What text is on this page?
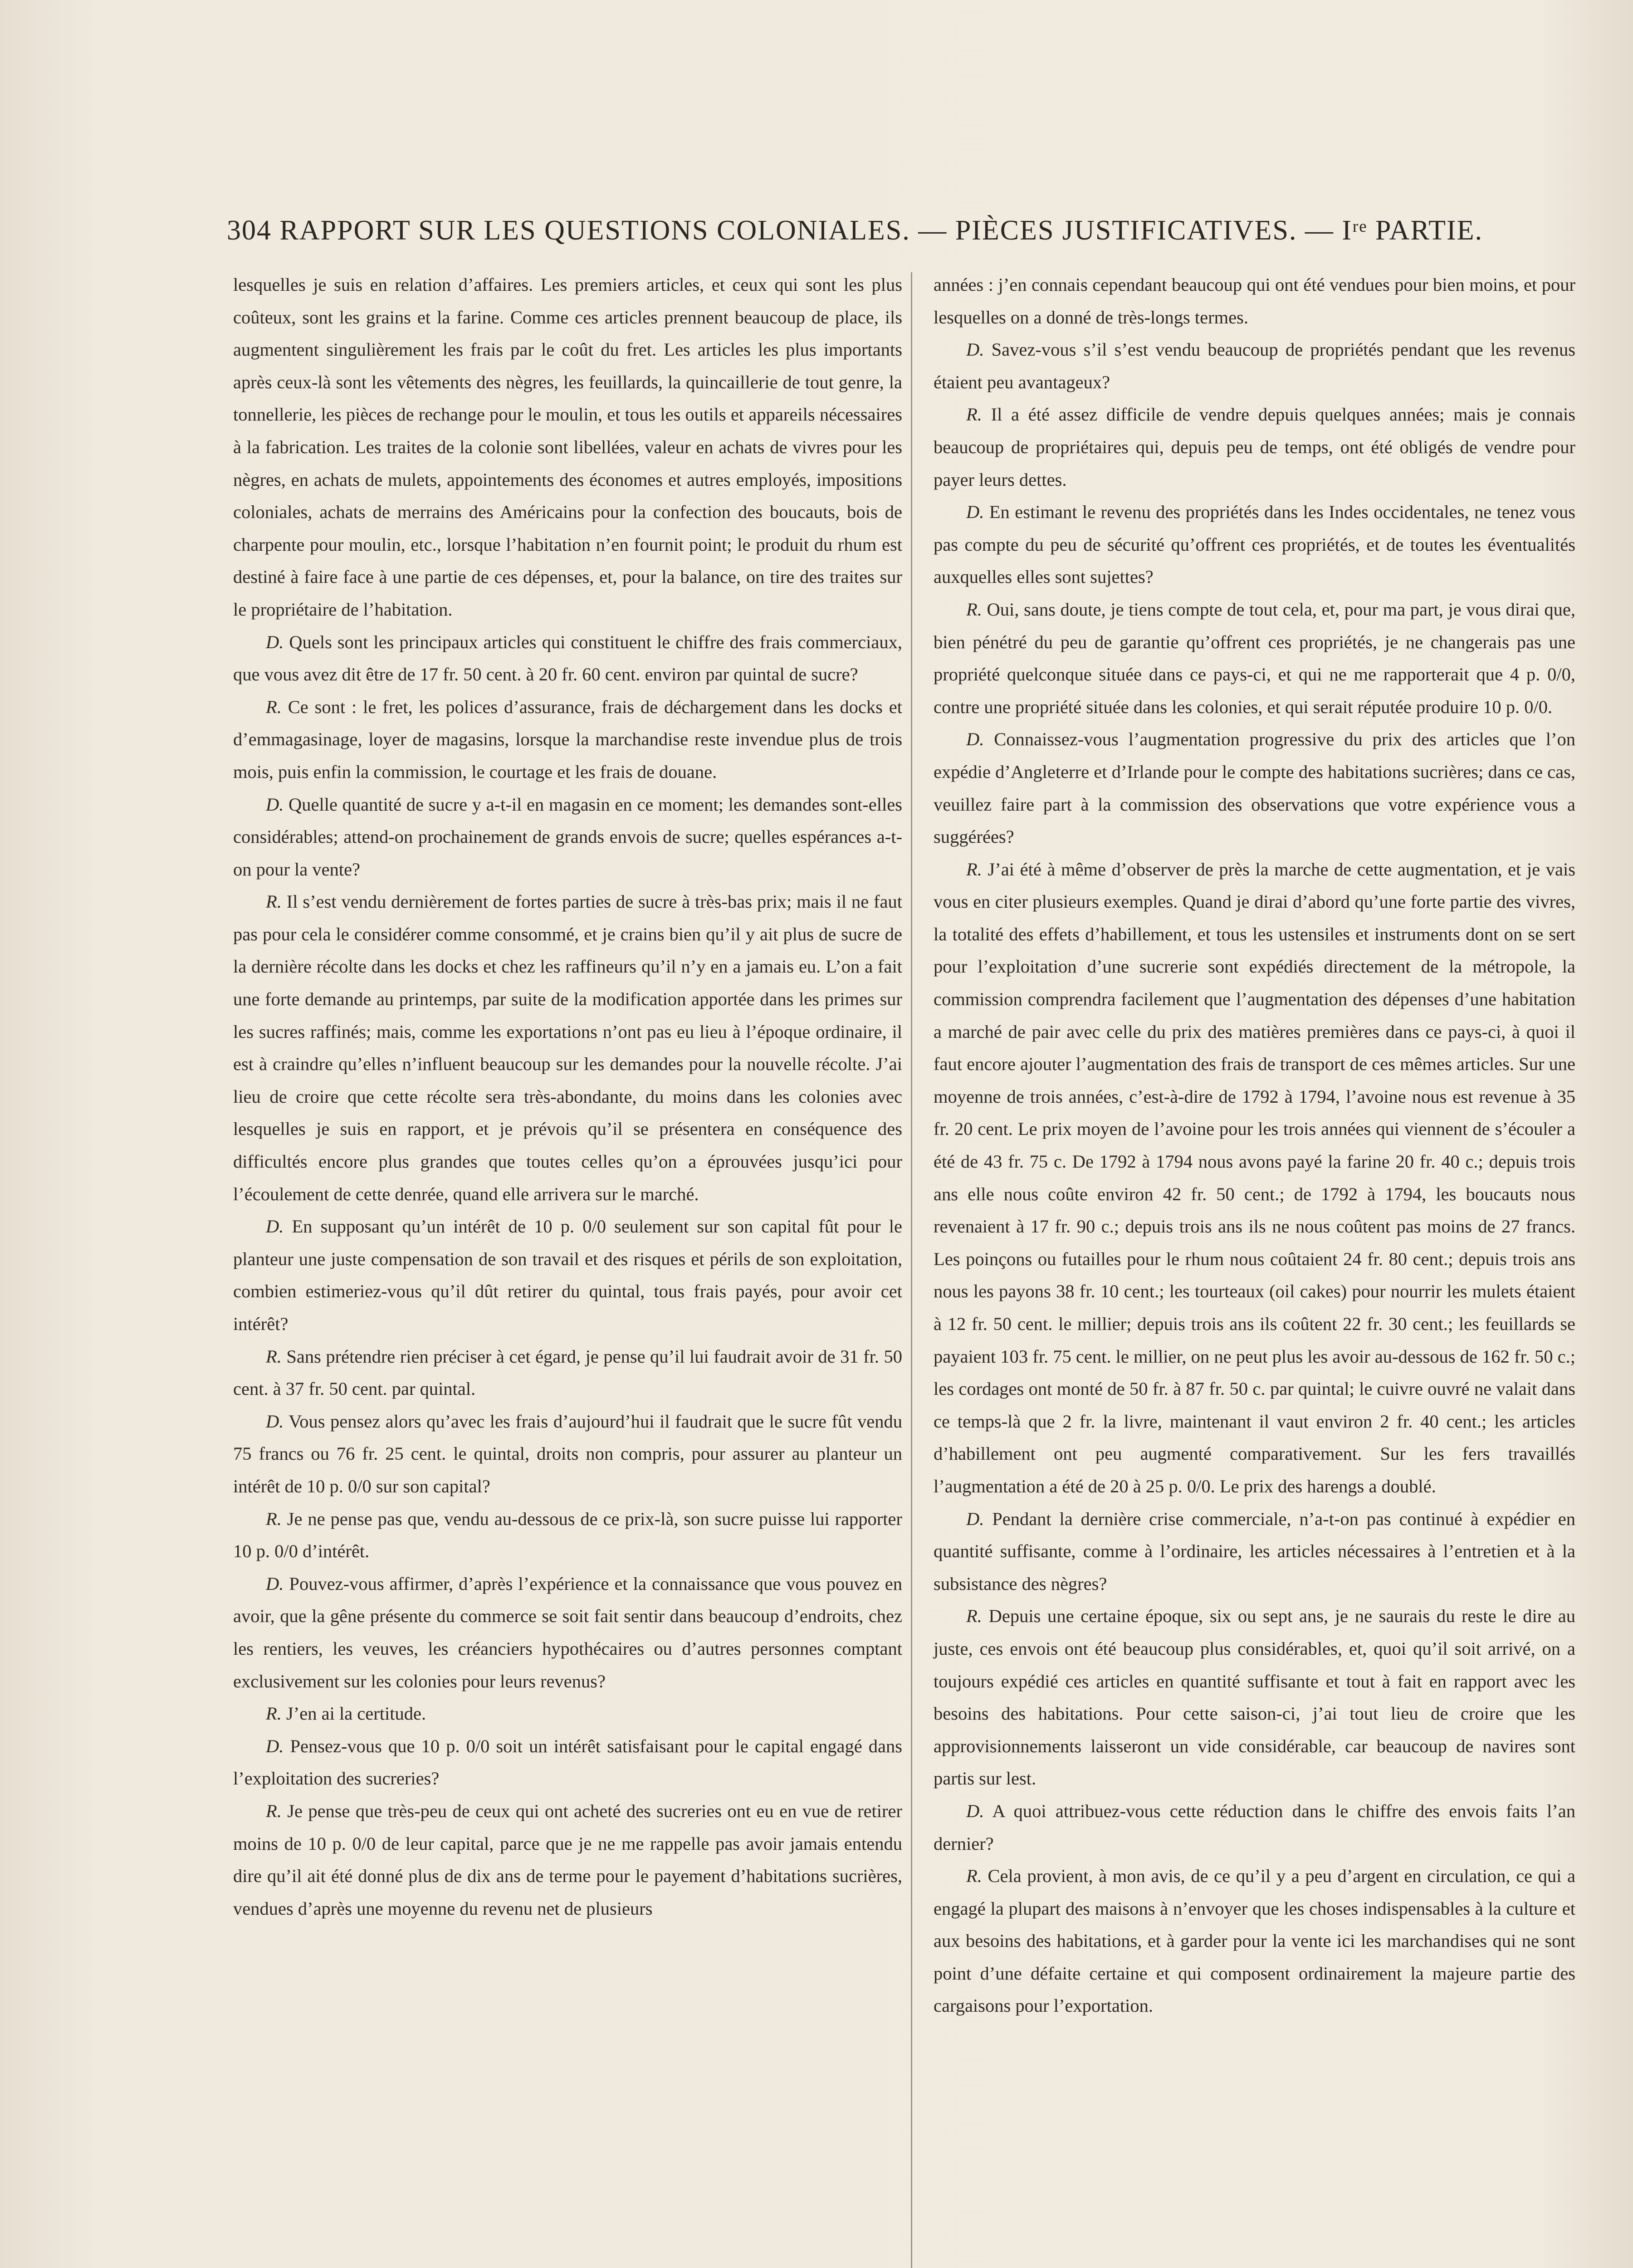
304 RAPPORT SUR LES QUESTIONS COLONIALES. — PIÈCES JUSTIFICATIVES. — Iʳᵉ PARTIE.

lesquelles je suis en relation d’affaires. Les premiers articles, et ceux qui sont les plus coûteux, sont les grains et la farine. Comme ces articles prennent beaucoup de place, ils augmentent singulièrement les frais par le coût du fret. Les articles les plus importants après ceux-là sont les vêtements des nègres, les feuillards, la quincaillerie de tout genre, la tonnellerie, les pièces de rechange pour le moulin, et tous les outils et appareils nécessaires à la fabrication. Les traites de la colonie sont libellées, valeur en achats de vivres pour les nègres, en achats de mulets, appointements des économes et autres employés, impositions coloniales, achats de merrains des Américains pour la confection des boucauts, bois de charpente pour moulin, etc., lorsque l’habitation n’en fournit point; le produit du rhum est destiné à faire face à une partie de ces dépenses, et, pour la balance, on tire des traites sur le propriétaire de l’habitation.

D. Quels sont les principaux articles qui constituent le chiffre des frais commerciaux, que vous avez dit être de 17 fr. 50 cent. à 20 fr. 60 cent. environ par quintal de sucre?

R. Ce sont : le fret, les polices d’assurance, frais de déchargement dans les docks et d’emmagasinage, loyer de magasins, lorsque la marchandise reste invendue plus de trois mois, puis enfin la commission, le courtage et les frais de douane.

D. Quelle quantité de sucre y a-t-il en magasin en ce moment; les demandes sont-elles considérables; attend-on prochainement de grands envois de sucre; quelles espérances a-t-on pour la vente?

R. Il s’est vendu dernièrement de fortes parties de sucre à très-bas prix; mais il ne faut pas pour cela le considérer comme consommé, et je crains bien qu’il y ait plus de sucre de la dernière récolte dans les docks et chez les raffineurs qu’il n’y en a jamais eu. L’on a fait une forte demande au printemps, par suite de la modification apportée dans les primes sur les sucres raffinés; mais, comme les exportations n’ont pas eu lieu à l’époque ordinaire, il est à craindre qu’elles n’influent beaucoup sur les demandes pour la nouvelle récolte. J’ai lieu de croire que cette récolte sera très-abondante, du moins dans les colonies avec lesquelles je suis en rapport, et je prévois qu’il se présentera en conséquence des difficultés encore plus grandes que toutes celles qu’on a éprouvées jusqu’ici pour l’écoulement de cette denrée, quand elle arrivera sur le marché.

D. En supposant qu’un intérêt de 10 p. 0/0 seulement sur son capital fût pour le planteur une juste compensation de son travail et des risques et périls de son exploitation, combien estimeriez-vous qu’il dût retirer du quintal, tous frais payés, pour avoir cet intérêt?

R. Sans prétendre rien préciser à cet égard, je pense qu’il lui faudrait avoir de 31 fr. 50 cent. à 37 fr. 50 cent. par quintal.

D. Vous pensez alors qu’avec les frais d’aujourd’hui il faudrait que le sucre fût vendu 75 francs ou 76 fr. 25 cent. le quintal, droits non compris, pour assurer au planteur un intérêt de 10 p. 0/0 sur son capital?

R. Je ne pense pas que, vendu au-dessous de ce prix-là, son sucre puisse lui rapporter 10 p. 0/0 d’intérêt.

D. Pouvez-vous affirmer, d’après l’expérience et la connaissance que vous pouvez en avoir, que la gêne présente du commerce se soit fait sentir dans beaucoup d’endroits, chez les rentiers, les veuves, les créanciers hypothécaires ou d’autres personnes comptant exclusivement sur les colonies pour leurs revenus?

R. J’en ai la certitude.

D. Pensez-vous que 10 p. 0/0 soit un intérêt satisfaisant pour le capital engagé dans l’exploitation des sucreries?

R. Je pense que très-peu de ceux qui ont acheté des sucreries ont eu en vue de retirer moins de 10 p. 0/0 de leur capital, parce que je ne me rappelle pas avoir jamais entendu dire qu’il ait été donné plus de dix ans de terme pour le payement d’habitations sucrières, vendues d’après une moyenne du revenu net de plusieurs

années : j’en connais cependant beaucoup qui ont été vendues pour bien moins, et pour lesquelles on a donné de très-longs termes.

D. Savez-vous s’il s’est vendu beaucoup de propriétés pendant que les revenus étaient peu avantageux?

R. Il a été assez difficile de vendre depuis quelques années; mais je connais beaucoup de propriétaires qui, depuis peu de temps, ont été obligés de vendre pour payer leurs dettes.

D. En estimant le revenu des propriétés dans les Indes occidentales, ne tenez vous pas compte du peu de sécurité qu’offrent ces propriétés, et de toutes les éventualités auxquelles elles sont sujettes?

R. Oui, sans doute, je tiens compte de tout cela, et, pour ma part, je vous dirai que, bien pénétré du peu de garantie qu’offrent ces propriétés, je ne changerais pas une propriété quelconque située dans ce pays-ci, et qui ne me rapporterait que 4 p. 0/0, contre une propriété située dans les colonies, et qui serait réputée produire 10 p. 0/0.

D. Connaissez-vous l’augmentation progressive du prix des articles que l’on expédie d’Angleterre et d’Irlande pour le compte des habitations sucrières; dans ce cas, veuillez faire part à la commission des observations que votre expérience vous a suggérées?

R. J’ai été à même d’observer de près la marche de cette augmentation, et je vais vous en citer plusieurs exemples. Quand je dirai d’abord qu’une forte partie des vivres, la totalité des effets d’habillement, et tous les ustensiles et instruments dont on se sert pour l’exploitation d’une sucrerie sont expédiés directement de la métropole, la commission comprendra facilement que l’augmentation des dépenses d’une habitation a marché de pair avec celle du prix des matières premières dans ce pays-ci, à quoi il faut encore ajouter l’augmentation des frais de transport de ces mêmes articles. Sur une moyenne de trois années, c’est-à-dire de 1792 à 1794, l’avoine nous est revenue à 35 fr. 20 cent. Le prix moyen de l’avoine pour les trois années qui viennent de s’écouler a été de 43 fr. 75 c. De 1792 à 1794 nous avons payé la farine 20 fr. 40 c.; depuis trois ans elle nous coûte environ 42 fr. 50 cent.; de 1792 à 1794, les boucauts nous revenaient à 17 fr. 90 c.; depuis trois ans ils ne nous coûtent pas moins de 27 francs. Les poinçons ou futailles pour le rhum nous coûtaient 24 fr. 80 cent.; depuis trois ans nous les payons 38 fr. 10 cent.; les tourteaux (oil cakes) pour nourrir les mulets étaient à 12 fr. 50 cent. le millier; depuis trois ans ils coûtent 22 fr. 30 cent.; les feuillards se payaient 103 fr. 75 cent. le millier, on ne peut plus les avoir au-dessous de 162 fr. 50 c.; les cordages ont monté de 50 fr. à 87 fr. 50 c. par quintal; le cuivre ouvré ne valait dans ce temps-là que 2 fr. la livre, maintenant il vaut environ 2 fr. 40 cent.; les articles d’habillement ont peu augmenté comparativement. Sur les fers travaillés l’augmentation a été de 20 à 25 p. 0/0. Le prix des harengs a doublé.

D. Pendant la dernière crise commerciale, n’a-t-on pas continué à expédier en quantité suffisante, comme à l’ordinaire, les articles nécessaires à l’entretien et à la subsistance des nègres?

R. Depuis une certaine époque, six ou sept ans, je ne saurais du reste le dire au juste, ces envois ont été beaucoup plus considérables, et, quoi qu’il soit arrivé, on a toujours expédié ces articles en quantité suffisante et tout à fait en rapport avec les besoins des habitations. Pour cette saison-ci, j’ai tout lieu de croire que les approvisionnements laisseront un vide considérable, car beaucoup de navires sont partis sur lest.

D. A quoi attribuez-vous cette réduction dans le chiffre des envois faits l’an dernier?

R. Cela provient, à mon avis, de ce qu’il y a peu d’argent en circulation, ce qui a engagé la plupart des maisons à n’envoyer que les choses indispensables à la culture et aux besoins des habitations, et à garder pour la vente ici les marchandises qui ne sont point d’une défaite certaine et qui composent ordinairement la majeure partie des cargaisons pour l’exportation.
